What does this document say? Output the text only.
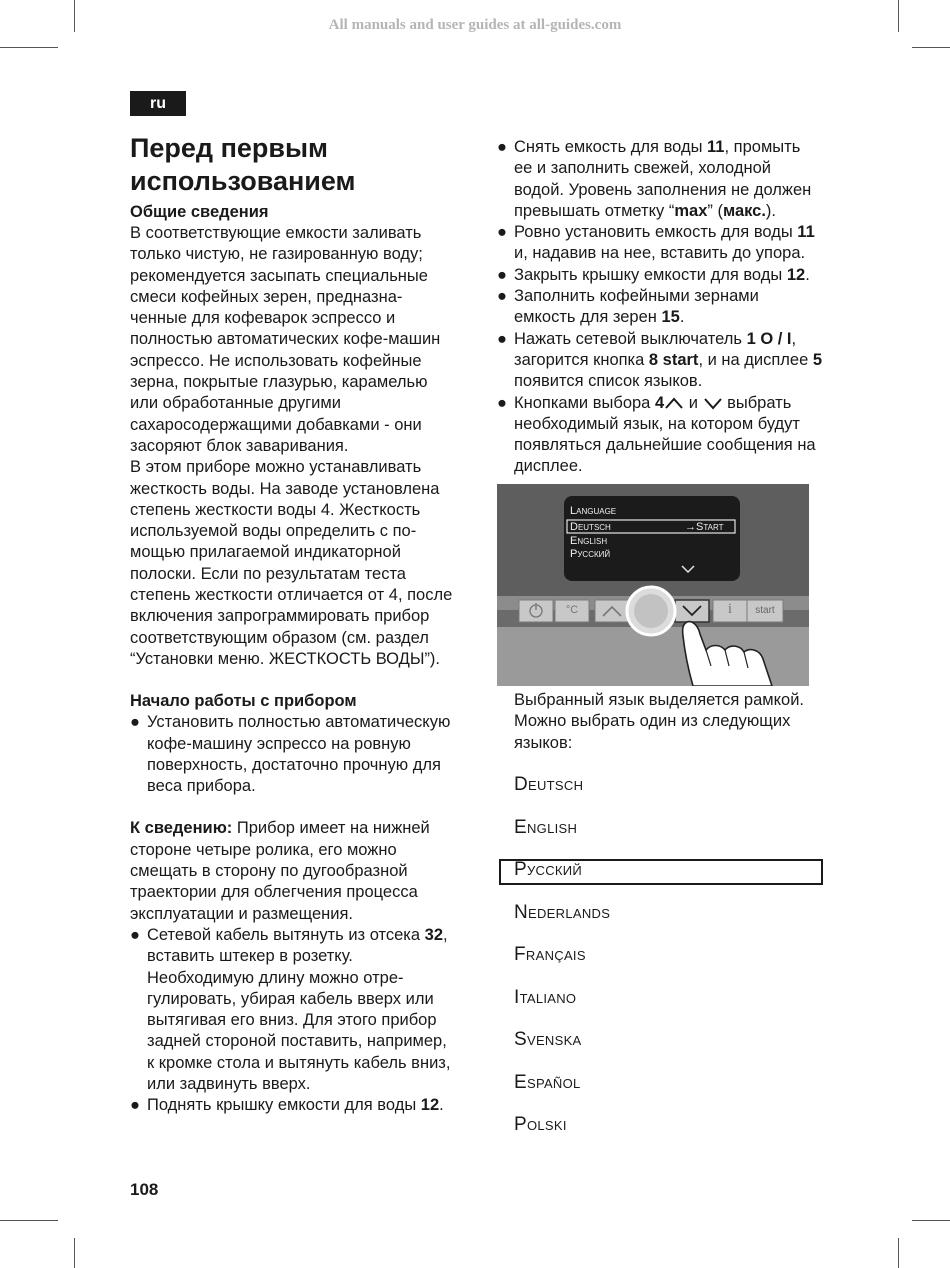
All manuals and user guides at all-guides.com
ru
Перед первым
использованием
Общие сведения
В соответствующие емкости заливать
только чистую, не газированную воду;
рекомендуется засыпать специальные
смеси кофейных зерен, предназна-
ченные для кофеварок эспрессо и
полностью автоматических кофе-машин
эспрессо. Не использовать кофейные
зерна, покрытые глазурью, карамелью
или обработанные другими
сахаросодержащими добавками - они
засоряют блок заваривания.
В этом приборе можно устанавливать
жесткость воды. На заводе установлена
степень жесткости воды 4. Жесткость
используемой воды определить с по-
мощью прилагаемой индикаторной
полоски. Если по результатам теста
степень жесткости отличается от 4, после
включения запрограммировать прибор
соответствующим образом (см. раздел
“Установки меню. ЖЕСТКОСТЬ ВОДЫ”).
Начало работы с прибором
● Установить полностью автоматическую
кофе-машину эспрессо на ровную
поверхность, достаточно прочную для
веса прибора.
К сведению: Прибор имеет на нижней
стороне четыре ролика, его можно
смещать в сторону по дугообразной
траектории для облегчения процесса
эксплуатации и размещения.
● Сетевой кабель вытянуть из отсека 32,
вставить штекер в розетку.
Необходимую длину можно отре-
гулировать, убирая кабель вверх или
вытягивая его вниз. Для этого прибор
задней стороной поставить, например,
к кромке стола и вытянуть кабель вниз,
или задвинуть вверх.
● Поднять крышку емкости для воды 12.
● Снять емкость для воды 11, промыть
ее и заполнить свежей, холодной
водой. Уровень заполнения не должен
превышать отметку “max” (макс.).
● Ровно установить емкость для воды 11
и, надавив на нее, вставить до упора.
● Закрыть крышку емкости для воды 12.
● Заполнить кофейными зернами
емкость для зерен 15.
● Нажать сетевой выключатель 1 O / I,
загорится кнопка 8 start, и на дисплее 5
появится список языков.
● Кнопками выбора 4 и  выбрать
необходимый язык, на котором будут
появляться дальнейшие сообщения на
дисплее.
Language
Deutsch	→Start
English
Русский
°C	i	start
Выбранный язык выделяется рамкой.
Можно выбрать один из следующих
языков:
Deutsch
English
Русский
Nederlands
Français
Italiano
Svenska
Español
Polski
108
